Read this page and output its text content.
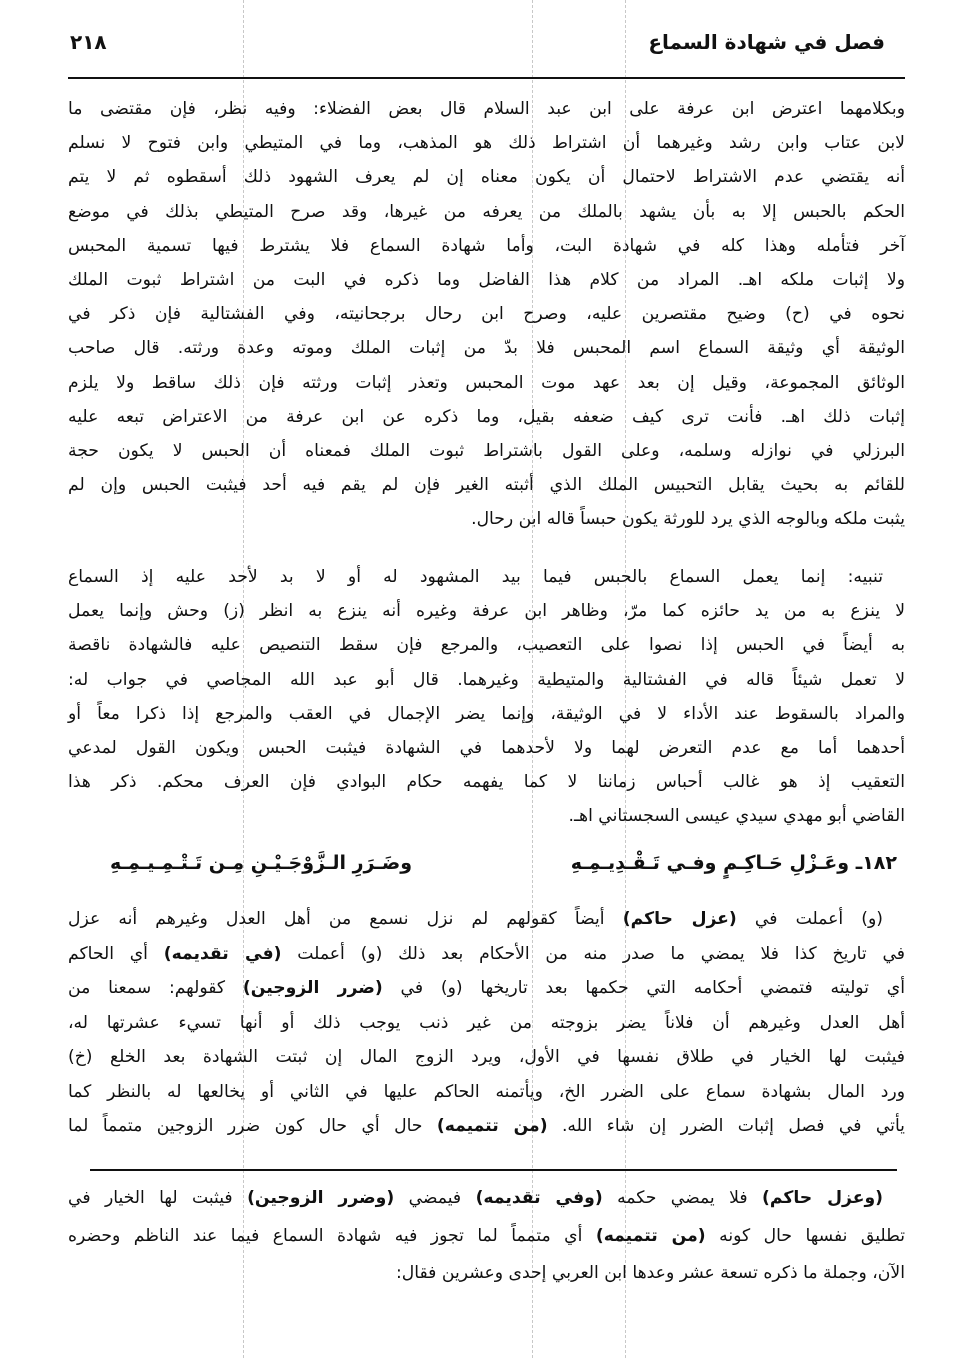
فصل في شهادة السماع
٢١٨
وبكلامهما اعترض ابن عرفة على ابن عبد السلام قال بعض الفضلاء: وفيه نظر، فإن مقتضى ما
لابن عتاب وابن رشد وغيرهما أن اشتراط ذلك هو المذهب، وما في المتيطي وابن فتوح لا نسلم
أنه يقتضي عدم الاشتراط لاحتمال أن يكون معناه إن لم يعرف الشهود ذلك أسقطوه ثم لا يتم
الحكم بالحبس إلا به بأن يشهد بالملك من يعرفه من غيرها، وقد صرح المتيطي بذلك في موضع
آخر فتأمله وهذا كله في شهادة البت، وأما شهادة السماع فلا يشترط فيها تسمية المحبس
ولا إثبات ملكه اهـ. المراد من كلام هذا الفاضل وما ذكره في البت من اشتراط ثبوت الملك
نحوه في (ح) وضيح مقتصرين عليه، وصرح ابن رحال برجحانيته، وفي الفشتالية فإن ذكر في
الوثيقة أي وثيقة السماع اسم المحبس فلا بدّ من إثبات الملك وموته وعدة ورثته. قال صاحب
الوثائق المجموعة، وقيل إن بعد عهد موت المحبس وتعذر إثبات ورثته فإن ذلك ساقط ولا يلزم
إثبات ذلك اهـ. فأنت ترى كيف ضعفه بقيل، وما ذكره عن ابن عرفة من الاعتراض تبعه عليه
البرزلي في نوازله وسلمه، وعلى القول باشتراط ثبوت الملك فمعناه أن الحبس لا يكون حجة
للقائم به بحيث يقابل التحبيس الملك الذي أثبته الغير فإن لم يقم فيه أحد فيثبت الحبس وإن لم
يثبت ملكه وبالوجه الذي يرد للورثة يكون حبساً قاله ابن رحال.
تنبيه: إنما يعمل السماع بالحبس فيما بيد المشهود له أو لا بد لأحد عليه إذ السماع
لا ينزع به من يد حائزه كما مرّ، وظاهر ابن عرفة وغيره أنه ينزع به انظر (ز) وحش وإنما يعمل
به أيضاً في الحبس إذا نصوا على التعصيب، والمرجع فإن سقط التنصيص عليه فالشهادة ناقصة
لا تعمل شيئاً قاله في الفشتالية والمتيطية وغيرهما. قال أبو عبد الله المجاصي في جواب له:
والمراد بالسقوط عند الأداء لا في الوثيقة، وإنما يضر الإجمال في العقب والمرجع إذا ذكرا معاً أو
أحدهما أما مع عدم التعرض لهما ولا لأحدهما في الشهادة فيثبت الحبس ويكون القول لمدعي
التعقيب إذ هو غالب أحباس زماننا لا كما يفهمه حكام البوادي فإن العرف محكم. ذكر هذا
القاضي أبو مهدي سيدي عيسى السجستاني اهـ.
(و) أعملت في (عزل حاكم) أيضاً كقولهم لم نزل نسمع من أهل العدل وغيرهم أنه عزل
في تاريخ كذا فلا يمضي ما صدر منه من الأحكام بعد ذلك (و) أعملت (في تقديمه) أي الحاكم
أي توليته فتمضي أحكامه التي حكمها بعد تاريخها (و) في (ضرر الزوجين) كقولهم: سمعنا من
أهل العدل وغيرهم أن فلاناً يضر بزوجته من غير ذنب يوجب ذلك أو أنها تسيء عشرتها له،
فيثبت لها الخيار في طلاق نفسها في الأول، ويرد الزوج المال إن ثبتت الشهادة بعد الخلع (خ)
ورد المال بشهادة سماع على الضرر الخ، ويأتمنه الحاكم عليها في الثاني أو يخالعها له بالنظر كما
يأتي في فصل إثبات الضرر إن شاء الله. (من تتميمه) حال أي حال كون ضرر الزوجين متمماً لما
(وعزل حاكم) فلا يمضي حكمه (وفي تقديمه) فيمضي (وضرر الزوجين) فيثبت لها الخيار في
تطليق نفسها حال كونه (من تتميمه) أي متمماً لما تجوز فيه شهادة السماع فيما عند الناظم وحضره
الآن، وجملة ما ذكره تسعة عشر وعدها ابن العربي إحدى وعشرين فقال:
١٨٢ـ وعَـزْلِ حَـاكِـمٍ وفـي تَـقْـدِيـمِـهِ
وضَـرَرِ الـزَّوْجَـيْـنِ مِـن تَـتْـمِـيـمِـهِ
